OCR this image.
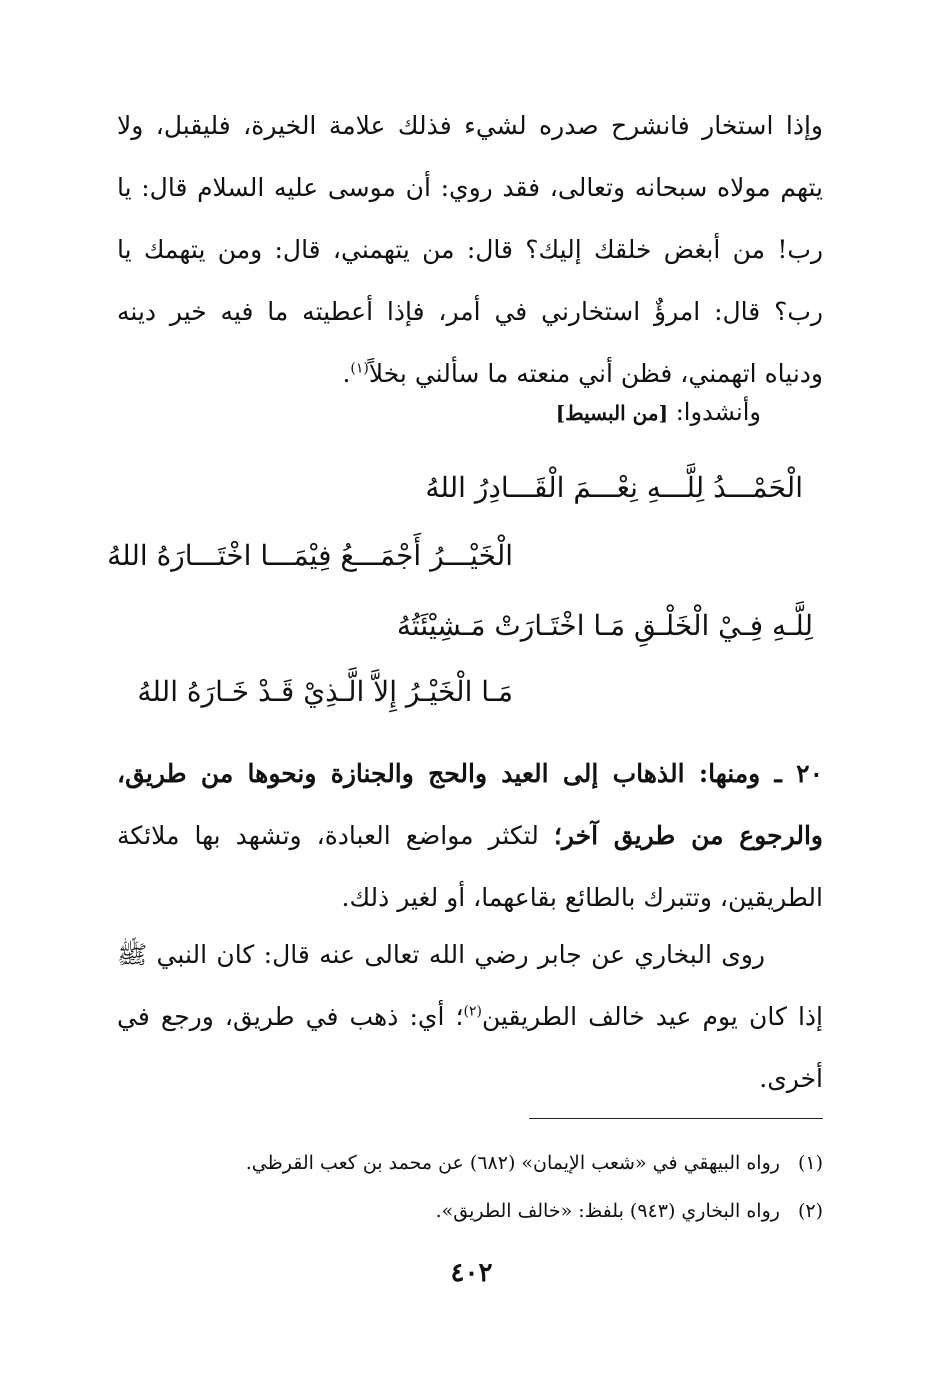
وإذا استخار فانشرح صدره لشيء فذلك علامة الخيرة، فليقبل، ولا يتهم مولاه سبحانه وتعالى، فقد روي: أن موسى عليه السلام قال: يا رب! من أبغض خلقك إليك؟ قال: من يتهمني، قال: ومن يتهمك يا رب؟ قال: امرؤٌ استخارني في أمر، فإذا أعطيته ما فيه خير دينه ودنياه اتهمني، فظن أني منعته ما سألني بخلاً$^{(١)}$.

وأنشدوا: [من البسيط]
الْحَمْـــدُ لِلَّـــهِ نِعْـــمَ الْقَـــادِرُ اللهُ
الْخَيْـــرُ أَجْمَـــعُ فِيْمَـــا اخْتَـــارَهُ اللهُ
لِلَّـهِ فِـيْ الْخَلْـقِ مَـا اخْتَـارَتْ مَـشِيْئَتُهُ
مَـا الْخَيْـرُ إِلاَّ الَّـذِيْ قَـدْ خَـارَهُ اللهُ

٢٠ ـ ومنها: الذهاب إلى العيد والحج والجنازة ونحوها من طريق، والرجوع من طريق آخر؛ لتكثر مواضع العبادة، وتشهد بها ملائكة الطريقين، وتتبرك بالطائع بقاعهما، أو لغير ذلك.

روى البخاري عن جابر رضي الله تعالى عنه قال: كان النبي ﷺ إذا كان يوم عيد خالف الطريقين$^{(٢)}$؛ أي: ذهب في طريق، ورجع في أخرى.

(١)رواه البيهقي في «شعب الإيمان» (٦٨٢) عن محمد بن كعب القرظي.
(٢)رواه البخاري (٩٤٣) بلفظ: «خالف الطريق».
٤٠٢
